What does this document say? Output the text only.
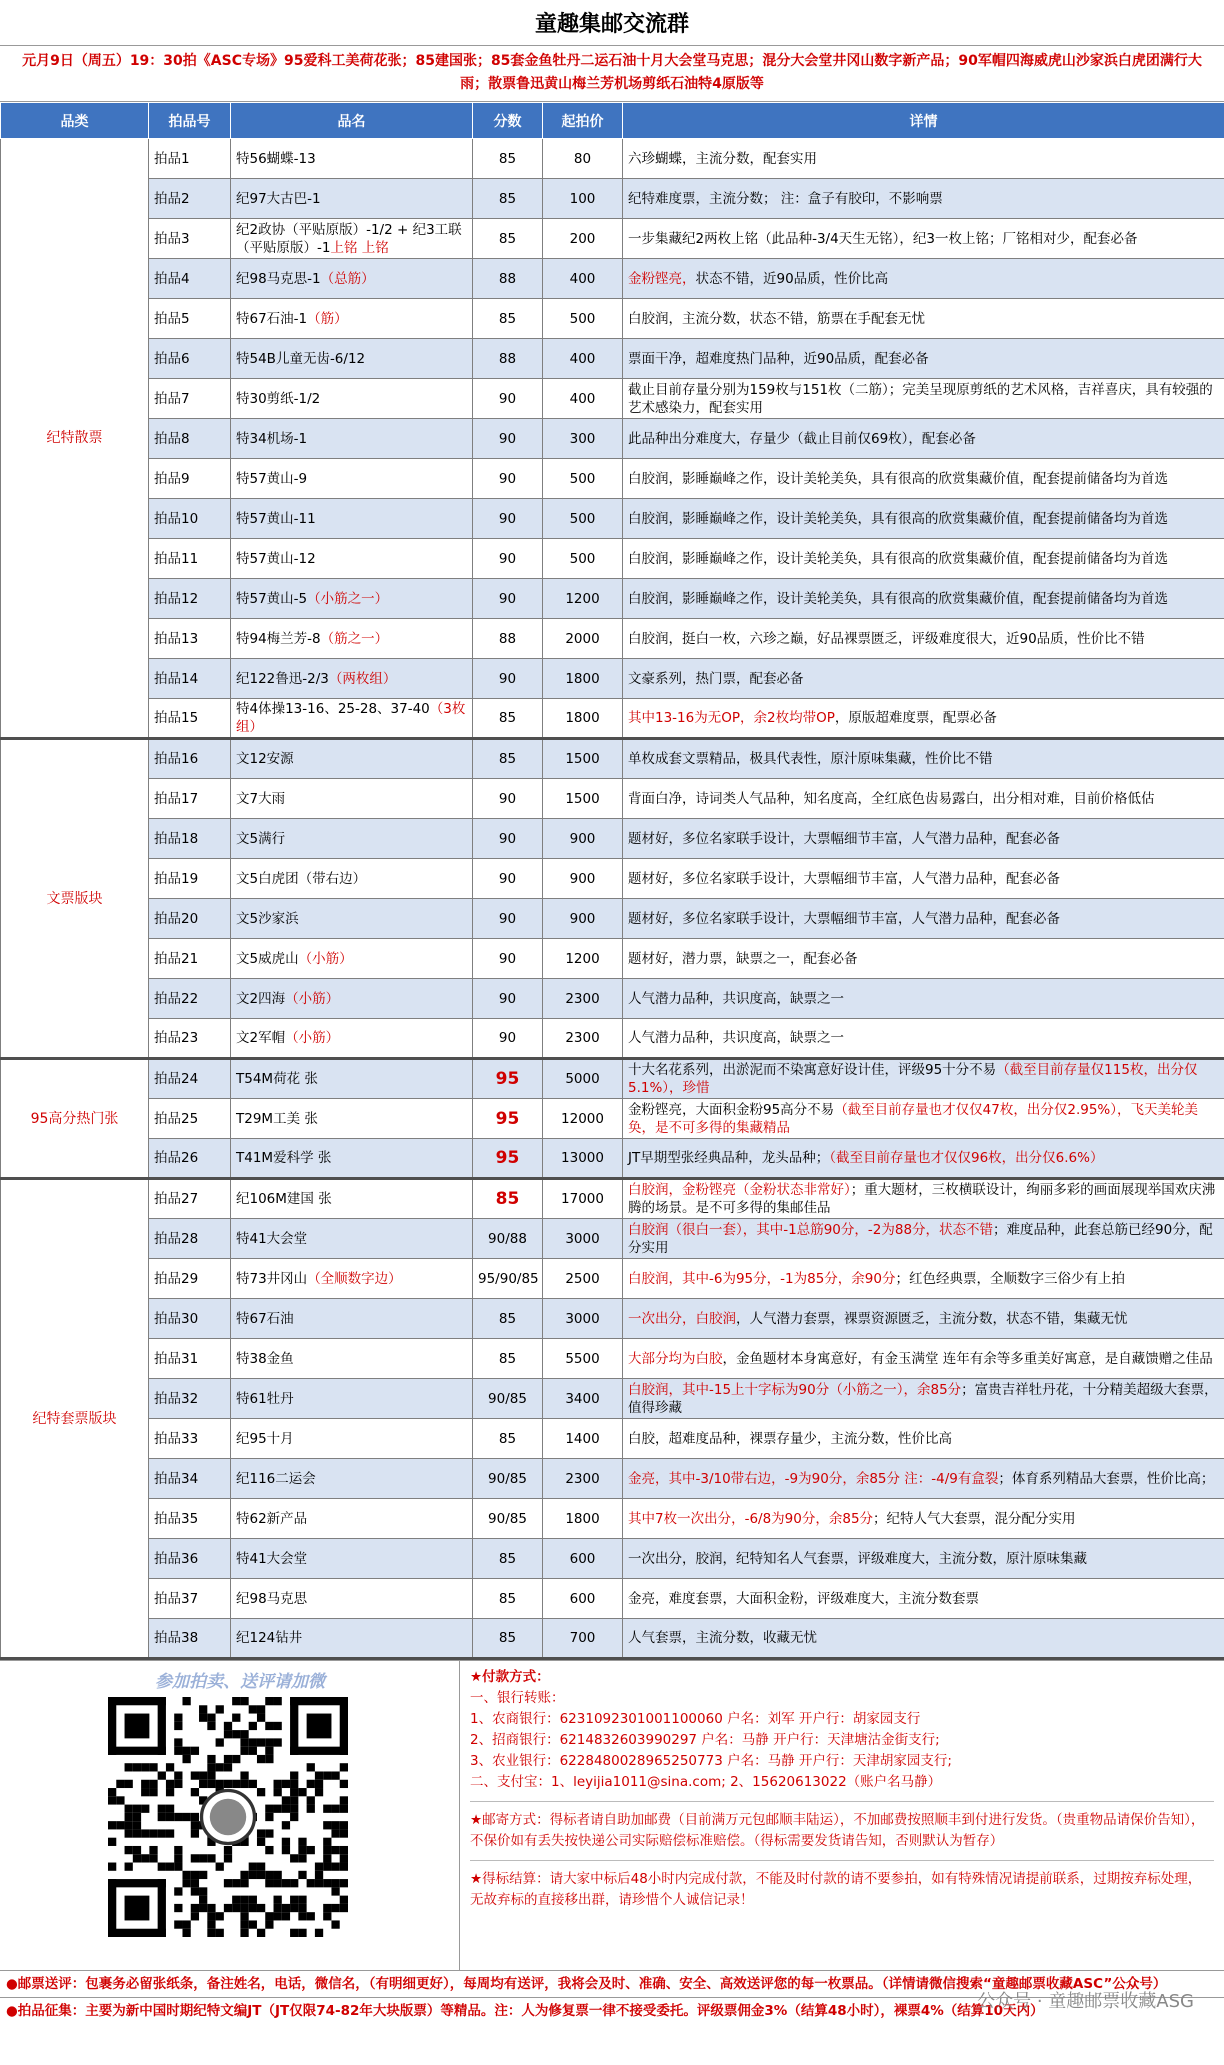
童趣集邮交流群
元月9日（周五）19：30拍《ASC专场》95爱科工美荷花张；85建国张；85套金鱼牡丹二运石油十月大会堂马克思；混分大会堂井冈山数字新产品；90军帽四海威虎山沙家浜白虎团满行大雨；散票鲁迅黄山梅兰芳机场剪纸石油特4原版等
品类	拍品号	品名	分数	起拍价	详情
纪特散票	拍品1	特56蝴蝶-13	85	80	六珍蝴蝶，主流分数，配套实用
	拍品2	纪97大古巴-1	85	100	纪特难度票，主流分数； 注：盒子有胶印，不影响票
	拍品3	纪2政协（平贴原版）-1/2 + 纪3工联（平贴原版）-1上铭 上铭	85	200	一步集藏纪2两枚上铭（此品种-3/4天生无铭），纪3一枚上铭；厂铭相对少，配套必备
	拍品4	纪98马克思-1（总筋）	88	400	金粉铿亮，状态不错，近90品质，性价比高
	拍品5	特67石油-1（筋）	85	500	白胶润，主流分数，状态不错，筋票在手配套无忧
	拍品6	特54B儿童无齿-6/12	88	400	票面干净，超难度热门品种，近90品质，配套必备
	拍品7	特30剪纸-1/2	90	400	截止目前存量分别为159枚与151枚（二筋）；完美呈现原剪纸的艺术风格，吉祥喜庆，具有较强的艺术感染力，配套实用
	拍品8	特34机场-1	90	300	此品种出分难度大，存量少（截止目前仅69枚），配套必备
	拍品9	特57黄山-9	90	500	白胶润，影睡巅峰之作，设计美轮美奂，具有很高的欣赏集藏价值，配套提前储备均为首选
	拍品10	特57黄山-11	90	500	白胶润，影睡巅峰之作，设计美轮美奂，具有很高的欣赏集藏价值，配套提前储备均为首选
	拍品11	特57黄山-12	90	500	白胶润，影睡巅峰之作，设计美轮美奂，具有很高的欣赏集藏价值，配套提前储备均为首选
	拍品12	特57黄山-5（小筋之一）	90	1200	白胶润，影睡巅峰之作，设计美轮美奂，具有很高的欣赏集藏价值，配套提前储备均为首选
	拍品13	特94梅兰芳-8（筋之一）	88	2000	白胶润，挺白一枚，六珍之巅，好品裸票匮乏，评级难度很大，近90品质，性价比不错
	拍品14	纪122鲁迅-2/3（两枚组）	90	1800	文豪系列，热门票，配套必备
	拍品15	特4体操13-16、25-28、37-40（3枚组）	85	1800	其中13-16为无OP，余2枚均带OP，原版超难度票，配票必备
文票版块	拍品16	文12安源	85	1500	单枚成套文票精品，极具代表性，原汁原味集藏，性价比不错
	拍品17	文7大雨	90	1500	背面白净，诗词类人气品种，知名度高，全红底色齿易露白，出分相对难，目前价格低估
	拍品18	文5满行	90	900	题材好，多位名家联手设计，大票幅细节丰富，人气潜力品种，配套必备
	拍品19	文5白虎团（带右边）	90	900	题材好，多位名家联手设计，大票幅细节丰富，人气潜力品种，配套必备
	拍品20	文5沙家浜	90	900	题材好，多位名家联手设计，大票幅细节丰富，人气潜力品种，配套必备
	拍品21	文5威虎山（小筋）	90	1200	题材好，潜力票，缺票之一，配套必备
	拍品22	文2四海（小筋）	90	2300	人气潜力品种，共识度高，缺票之一
	拍品23	文2军帽（小筋）	90	2300	人气潜力品种，共识度高，缺票之一
95高分热门张	拍品24	T54M荷花 张	95	5000	十大名花系列，出淤泥而不染寓意好设计佳，评级95十分不易（截至目前存量仅115枚，出分仅5.1%），珍惜
	拍品25	T29M工美 张	95	12000	金粉铿亮，大面积金粉95高分不易（截至目前存量也才仅仅47枚，出分仅2.95%），飞天美轮美奂，是不可多得的集藏精品
	拍品26	T41M爱科学 张	95	13000	JT早期型张经典品种，龙头品种；（截至目前存量也才仅仅96枚，出分仅6.6%）
纪特套票版块	拍品27	纪106M建国 张	85	17000	白胶润，金粉铿亮（金粉状态非常好）；重大题材，三枚横联设计，绚丽多彩的画面展现举国欢庆沸腾的场景。是不可多得的集邮佳品
	拍品28	特41大会堂	90/88	3000	白胶润（很白一套），其中-1总筋90分，-2为88分，状态不错；难度品种，此套总筋已经90分，配分实用
	拍品29	特73井冈山（全顺数字边）	95/90/85	2500	白胶润，其中-6为95分，-1为85分，余90分；红色经典票，全顺数字三俗少有上拍
	拍品30	特67石油	85	3000	一次出分，白胶润，人气潜力套票，裸票资源匮乏，主流分数，状态不错，集藏无忧
	拍品31	特38金鱼	85	5500	大部分均为白胶，金鱼题材本身寓意好，有金玉满堂 连年有余等多重美好寓意，是自藏馈赠之佳品
	拍品32	特61牡丹	90/85	3400	白胶润，其中-15上十字标为90分（小筋之一），余85分；富贵吉祥牡丹花，十分精美超级大套票，值得珍藏
	拍品33	纪95十月	85	1400	白胶，超难度品种，裸票存量少，主流分数，性价比高
	拍品34	纪116二运会	90/85	2300	金亮，其中-3/10带右边，-9为90分，余85分 注：-4/9有盒裂；体育系列精品大套票，性价比高；
	拍品35	特62新产品	90/85	1800	其中7枚一次出分，-6/8为90分，余85分；纪特人气大套票，混分配分实用
	拍品36	特41大会堂	85	600	一次出分，胶润，纪特知名人气套票，评级难度大，主流分数，原汁原味集藏
	拍品37	纪98马克思	85	600	金亮，难度套票，大面积金粉，评级难度大，主流分数套票
	拍品38	纪124钻井	85	700	人气套票，主流分数，收藏无忧
参加拍卖、送评请加微	★付款方式：
一、银行转账：
1、农商银行：6231092301001100060 户名：刘军 开户行：胡家园支行
2、招商银行：6214832603990297 户名：马静 开户行：天津塘沽金街支行;
3、农业银行：6228480028965250773 户名：马静 开户行：天津胡家园支行;
二、支付宝：1、leyijia1011@sina.com; 2、15620613022（账户名马静）
★邮寄方式：得标者请自助加邮费（目前满万元包邮顺丰陆运），不加邮费按照顺丰到付进行发货。（贵重物品请保价告知），不保价如有丢失按快递公司实际赔偿标准赔偿。（得标需要发货请告知，否则默认为暂存）
★得标结算：请大家中标后48小时内完成付款，不能及时付款的请不要参拍，如有特殊情况请提前联系，过期按弃标处理，无故弃标的直接移出群，请珍惜个人诚信记录！
●邮票送评：包裹务必留张纸条，备注姓名，电话，微信名，（有明细更好），每周均有送评，我将会及时、准确、安全、高效送评您的每一枚票品。（详情请微信搜索“童趣邮票收藏ASC”公众号）
●拍品征集：主要为新中国时期纪特文编JT（JT仅限74-82年大块版票）等精品。注：人为修复票一律不接受委托。评级票佣金3%（结算48小时），裸票4%（结算10天内）
公众号 · 童趣邮票收藏ASG
